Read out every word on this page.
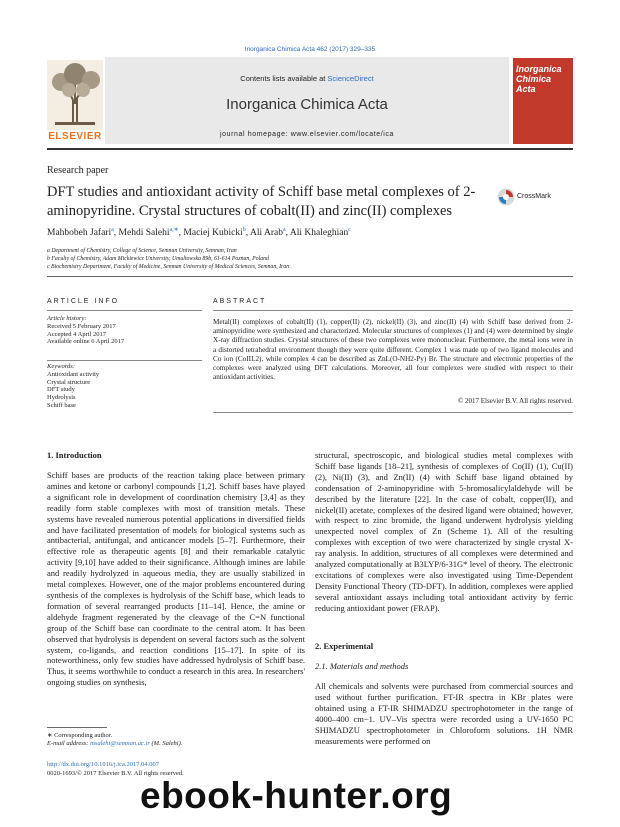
Inorganica Chimica Acta 462 (2017) 329–335
Contents lists available at ScienceDirect
Inorganica Chimica Acta
journal homepage: www.elsevier.com/locate/ica
ELSEVIER
Inorganica Chimica Acta
Research paper
DFT studies and antioxidant activity of Schiff base metal complexes of 2-aminopyridine. Crystal structures of cobalt(II) and zinc(II) complexes
CrossMark
Mahbobeh Jafari$^a$, Mehdi Salehi$^{a,∗}$, Maciej Kubicki$^b$, Ali Arab$^a$, Ali Khaleghian$^c$
a Department of Chemistry, College of Science, Semnan University, Semnan, Iran
b Faculty of Chemistry, Adam Mickiewicz University, Umultowska 89b, 61-614 Poznan, Poland
c Biochemistry Department, Faculty of Medicine, Semnan University of Medical Sciences, Semnan, Iran
ARTICLE INFO	ABSTRACT
Article history:
Received 5 February 2017
Accepted 4 April 2017
Available online 6 April 2017
Keywords:
Antioxidant activity
Crystal structure
DFT study
Hydrolysis
Schiff base
Metal(II) complexes of cobalt(II) (1), copper(II) (2), nickel(II) (3), and zinc(II) (4) with Schiff base derived from 2-aminopyridine were synthesized and characterized. Molecular structures of complexes (1) and (4) were determined by single X-ray diffraction studies. Crystal structures of these two complexes were mononuclear. Furthermore, the metal ions were in a distorted tetrahedral environment though they were quite different. Complex 1 was made up of two ligand molecules and Co ion (CoIIL2), while complex 4 can be described as ZnL(O-NH2-Py) Br. The structure and electronic properties of the complexes were analyzed using DFT calculations. Moreover, all four complexes were studied with respect to their antioxidant activities.
© 2017 Elsevier B.V. All rights reserved.
1. Introduction
Schiff bases are products of the reaction taking place between primary amines and ketone or carbonyl compounds [1,2]. Schiff bases have played a significant role in development of coordination chemistry [3,4] as they readily form stable complexes with most of transition metals. These systems have revealed numerous potential applications in diversified fields and have facilitated presentation of models for biological systems such as antibacterial, antifungal, and anticancer models [5–7]. Furthermore, their effective role as therapeutic agents [8] and their remarkable catalytic activity [9,10] have added to their significance. Although imines are labile and readily hydrolyzed in aqueous media, they are usually stabilized in metal complexes. However, one of the major problems encountered during synthesis of the complexes is hydrolysis of the Schiff base, which leads to formation of several rearranged products [11–14]. Hence, the amine or aldehyde fragment regenerated by the cleavage of the C=N functional group of the Schiff base can coordinate to the central atom. It has been observed that hydrolysis is dependent on several factors such as the solvent system, co-ligands, and reaction conditions [15–17]. In spite of its noteworthiness, only few studies have addressed hydrolysis of Schiff base. Thus, it seems worthwhile to conduct a research in this area. In researchers' ongoing studies on synthesis,
structural, spectroscopic, and biological studies metal complexes with Schiff base ligands [18–21], synthesis of complexes of Co(II) (1), Cu(II) (2), Ni(II) (3), and Zn(II) (4) with Schiff base ligand obtained by condensation of 2-aminopyridine with 5-bromosalicylaldehyde will be described by the literature [22]. In the case of cobalt, copper(II), and nickel(II) acetate, complexes of the desired ligand were obtained; however, with respect to zinc bromide, the ligand underwent hydrolysis yielding unexpected novel complex of Zn (Scheme 1). All of the resulting complexes with exception of two were characterized by single crystal X-ray analysis. In addition, structures of all complexes were determined and analyzed computationally at B3LYP/6-31G* level of theory. The electronic excitations of complexes were also investigated using Time-Dependent Density Functional Theory (TD-DFT). In addition, complexes were applied several antioxidant assays including total antioxidant activity by ferric reducing antioxidant power (FRAP).
2. Experimental
2.1. Materials and methods
All chemicals and solvents were purchased from commercial sources and used without further purification. FT-IR spectra in KBr plates were obtained using a FT-IR SHIMADZU spectrophotometer in the range of 4000–400 cm−1. UV–Vis spectra were recorded using a UV-1650 PC SHIMADZU spectrophotometer in Chloroform solutions. 1H NMR measurements were performed on
∗ Corresponding author.
E-mail address: msalehi@semnan.ac.ir (M. Salehi).
http://dx.doi.org/10.1016/j.ica.2017.04.007
0020-1693/© 2017 Elsevier B.V. All rights reserved.
ebook-hunter.org
